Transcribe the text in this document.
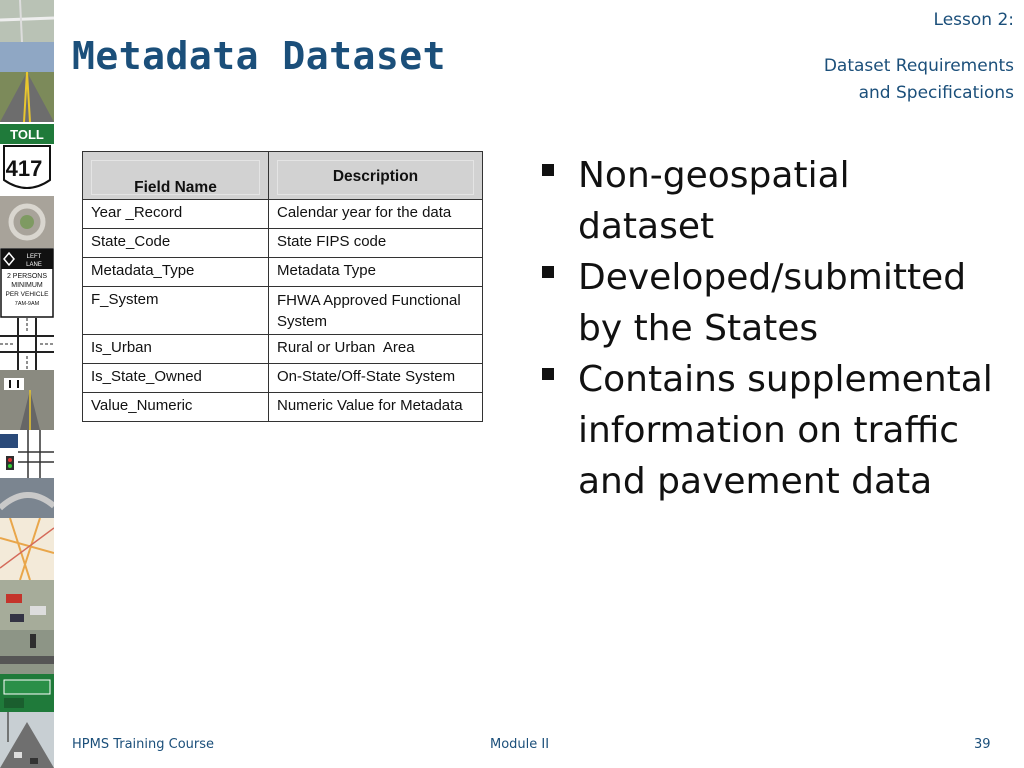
TOLL
417
LEFT
LANE
2 PERSONS
MINIMUM
PER VEHICLE
7AM-9AM
Metadata Dataset
Lesson 2:
Dataset Requirements
and Specifications
Field Name	Description

Year _Record	Calendar year for the data
State_Code	State FIPS code
Metadata_Type	Metadata Type
F_System	FHWA Approved Functional System
Is_Urban	Rural or Urban  Area
Is_State_Owned	On-State/Off-State System
Value_Numeric	Numeric Value for Metadata
Non-geospatial dataset
Developed/submitted by the States
Contains supplemental information on traffic and pavement data
HPMS Training Course	Module II	39
